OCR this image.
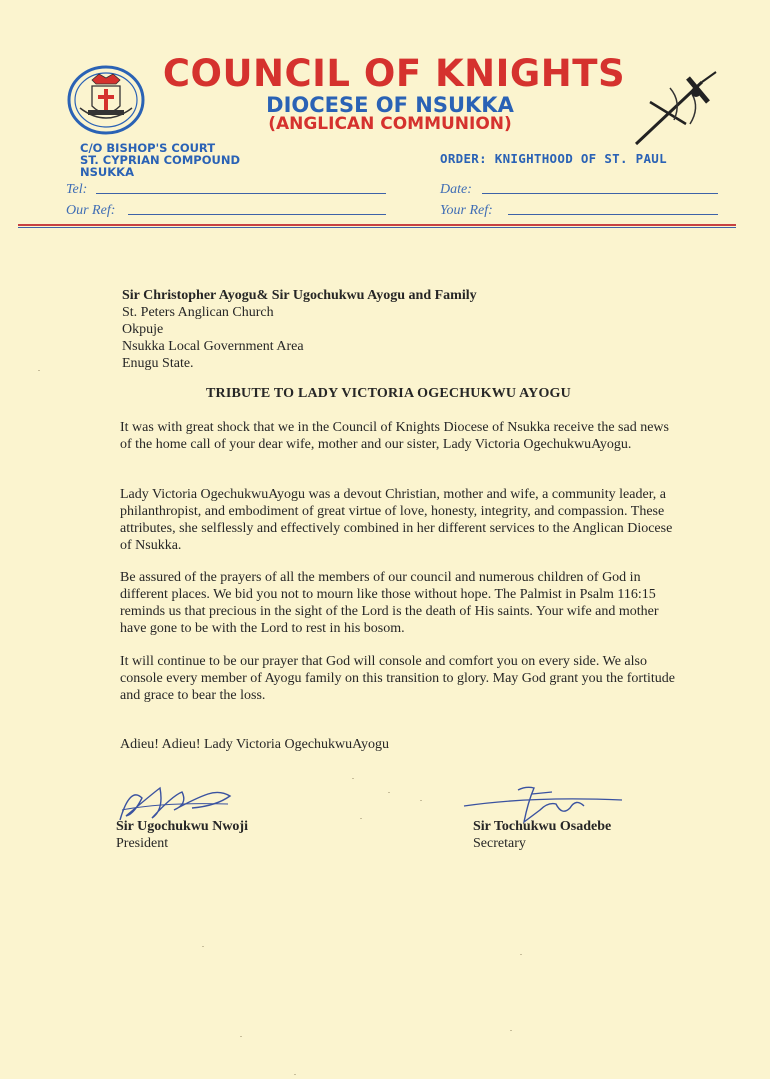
COUNCIL OF KNIGHTS
DIOCESE OF NSUKKA
(ANGLICAN COMMUNION)
C/O BISHOP'S COURT
ST. CYPRIAN COMPOUND
NSUKKA
ORDER: KNIGHTHOOD OF ST. PAUL
Tel:
Our Ref:
Date:
Your Ref:
Sir Christopher Ayogu& Sir Ugochukwu Ayogu and Family
St. Peters Anglican Church
Okpuje
Nsukka Local Government Area
Enugu State.
TRIBUTE TO LADY VICTORIA OGECHUKWU AYOGU
It was with great shock that we in the Council of Knights Diocese of Nsukka receive the sad news of the home call of your dear wife, mother and our sister, Lady Victoria OgechukwuAyogu.
Lady Victoria OgechukwuAyogu was a devout Christian, mother and wife, a community leader, a philanthropist, and embodiment of great virtue of love, honesty, integrity, and compassion. These attributes, she selflessly and effectively combined in her different services to the Anglican Diocese of Nsukka.
Be assured of the prayers of all the members of our council and numerous children of God in different places. We bid you not to mourn like those without hope. The Palmist in Psalm 116:15 reminds us that precious in the sight of the Lord is the death of His saints. Your wife and mother have gone to be with the Lord to rest in his bosom.
It will continue to be our prayer that God will console and comfort you on every side. We also console every member of Ayogu family on this transition to glory. May God grant you the fortitude and grace to bear the loss.
Adieu! Adieu! Lady Victoria OgechukwuAyogu
Sir Ugochukwu Nwoji
President
Sir Tochukwu Osadebe
Secretary
